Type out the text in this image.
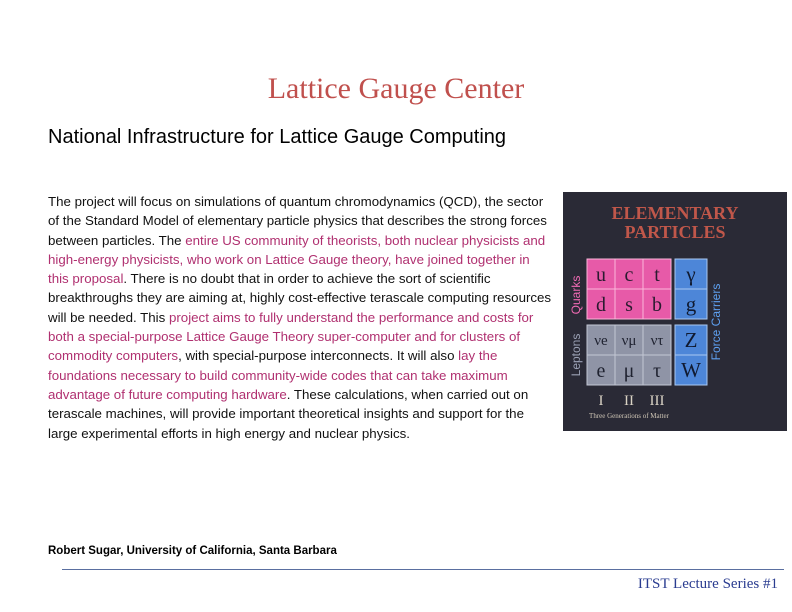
Lattice Gauge Center
National Infrastructure for Lattice Gauge Computing
The project will focus on simulations of quantum chromodynamics (QCD), the sector of the Standard Model of elementary particle physics that describes the strong forces between particles. The entire US community of theorists, both nuclear physicists and high-energy physicists, who work on Lattice Gauge theory, have joined together in this proposal. There is no doubt that in order to achieve the sort of scientific breakthroughs they are aiming at, highly cost-effective terascale computing resources will be needed. This project aims to fully understand the performance and costs for both a special-purpose Lattice Gauge Theory super-computer and for clusters of commodity computers, with special-purpose interconnects. It will also lay the foundations necessary to build community-wide codes that can take maximum advantage of future computing hardware. These calculations, when carried out on terascale machines, will provide important theoretical insights and support for the large experimental efforts in high energy and nuclear physics.
Robert Sugar, University of California, Santa Barbara
ITST Lecture Series #1
ELEMENTARY
PARTICLES
Quarks
Leptons	Force Carriers
u c t
d s b
νe νμ ντ
e μ τ
γ
g
Z
W
I II III
Three Generations of Matter
